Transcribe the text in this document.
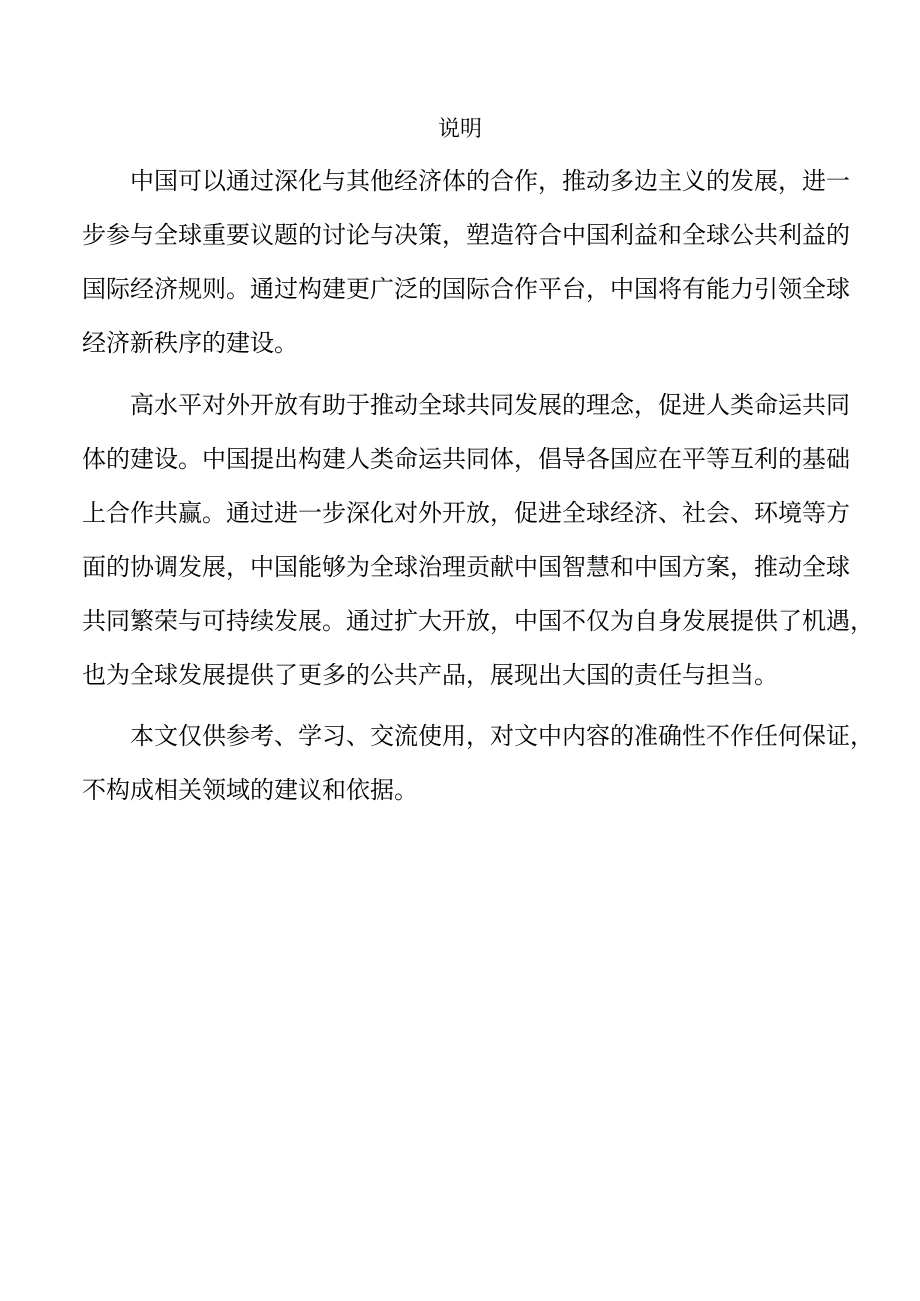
说明

中国可以通过深化与其他经济体的合作，推动多边主义的发展，进一
步参与全球重要议题的讨论与决策，塑造符合中国利益和全球公共利益的
国际经济规则。通过构建更广泛的国际合作平台，中国将有能力引领全球
经济新秩序的建设。

高水平对外开放有助于推动全球共同发展的理念，促进人类命运共同
体的建设。中国提出构建人类命运共同体，倡导各国应在平等互利的基础
上合作共赢。通过进一步深化对外开放，促进全球经济、社会、环境等方
面的协调发展，中国能够为全球治理贡献中国智慧和中国方案，推动全球
共同繁荣与可持续发展。通过扩大开放，中国不仅为自身发展提供了机遇，
也为全球发展提供了更多的公共产品，展现出大国的责任与担当。

本文仅供参考、学习、交流使用，对文中内容的准确性不作任何保证，
不构成相关领域的建议和依据。
